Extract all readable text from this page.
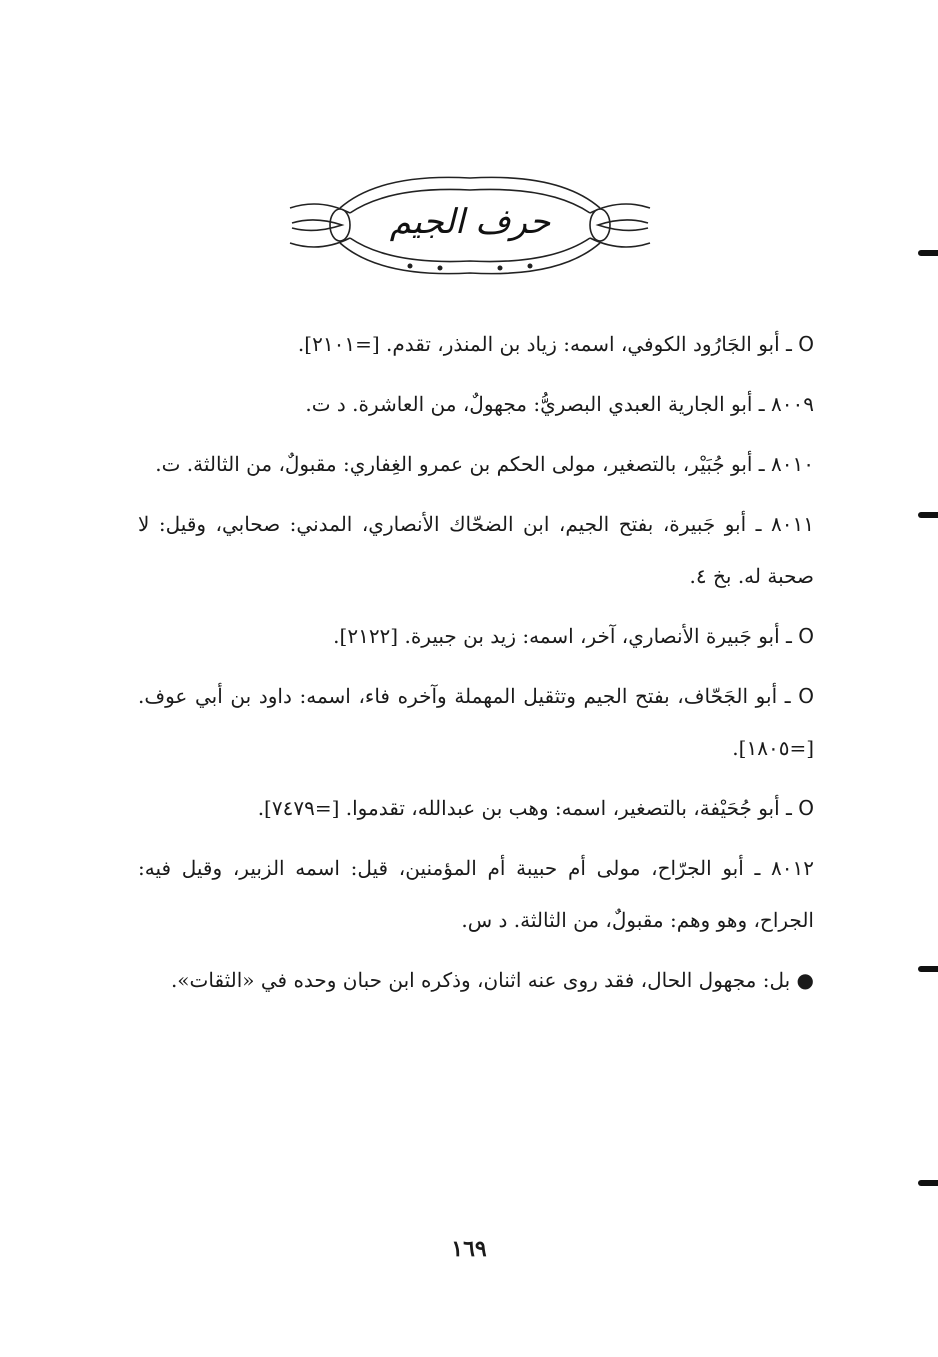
حرف الجيم

O ـ أبو الجَارُود الكوفي، اسمه: زياد بن المنذر، تقدم. [=٢١٠١].

٨٠٠٩ ـ أبو الجارية العبدي البصريُّ: مجهولٌ، من العاشرة. د ت.

٨٠١٠ ـ أبو جُبَيْر، بالتصغير، مولى الحكم بن عمرو الغِفاري: مقبولٌ، من الثالثة. ت.

٨٠١١ ـ أبو جَبيرة، بفتح الجيم، ابن الضحّاك الأنصاري، المدني: صحابي، وقيل: لا صحبة له. بخ ٤.

O ـ أبو جَبيرة الأنصاري، آخر، اسمه: زيد بن جبيرة. [٢١٢٢].

O ـ أبو الجَحّاف، بفتح الجيم وتثقيل المهملة وآخره فاء، اسمه: داود بن أبي عوف. [=١٨٠٥].

O ـ أبو جُحَيْفة، بالتصغير، اسمه: وهب بن عبدالله، تقدموا. [=٧٤٧٩].

٨٠١٢ ـ أبو الجرّاح، مولى أم حبيبة أم المؤمنين، قيل: اسمه الزبير، وقيل فيه: الجراح، وهو وهم: مقبولٌ، من الثالثة. د س.

● بل: مجهول الحال، فقد روى عنه اثنان، وذكره ابن حبان وحده في «الثقات».

١٦٩
